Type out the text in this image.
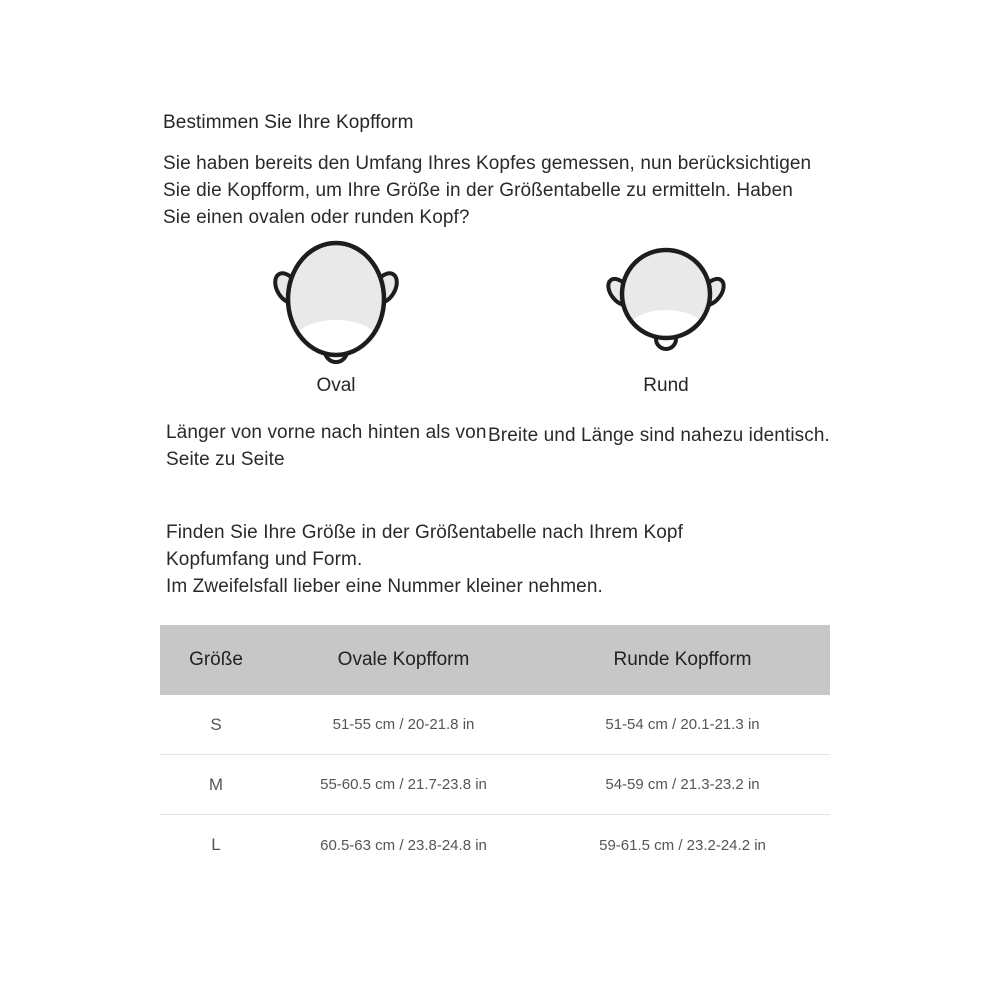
Bestimmen Sie Ihre Kopfform
Sie haben bereits den Umfang Ihres Kopfes gemessen, nun berücksichtigen
Sie die Kopfform, um Ihre Größe in der Größentabelle zu ermitteln. Haben
Sie einen ovalen oder runden Kopf?
Oval	Rund
Länger von vorne nach hinten als von
Seite zu Seite
Breite und Länge sind nahezu identisch.
Finden Sie Ihre Größe in der Größentabelle nach Ihrem Kopf
Kopfumfang und Form.
Im Zweifelsfall lieber eine Nummer kleiner nehmen.
Größe	Ovale Kopfform	Runde Kopfform
S	51-55 cm / 20-21.8 in	51-54 cm / 20.1-21.3 in
M	55-60.5 cm / 21.7-23.8 in	54-59 cm / 21.3-23.2 in
L	60.5-63 cm / 23.8-24.8 in	59-61.5 cm / 23.2-24.2 in
